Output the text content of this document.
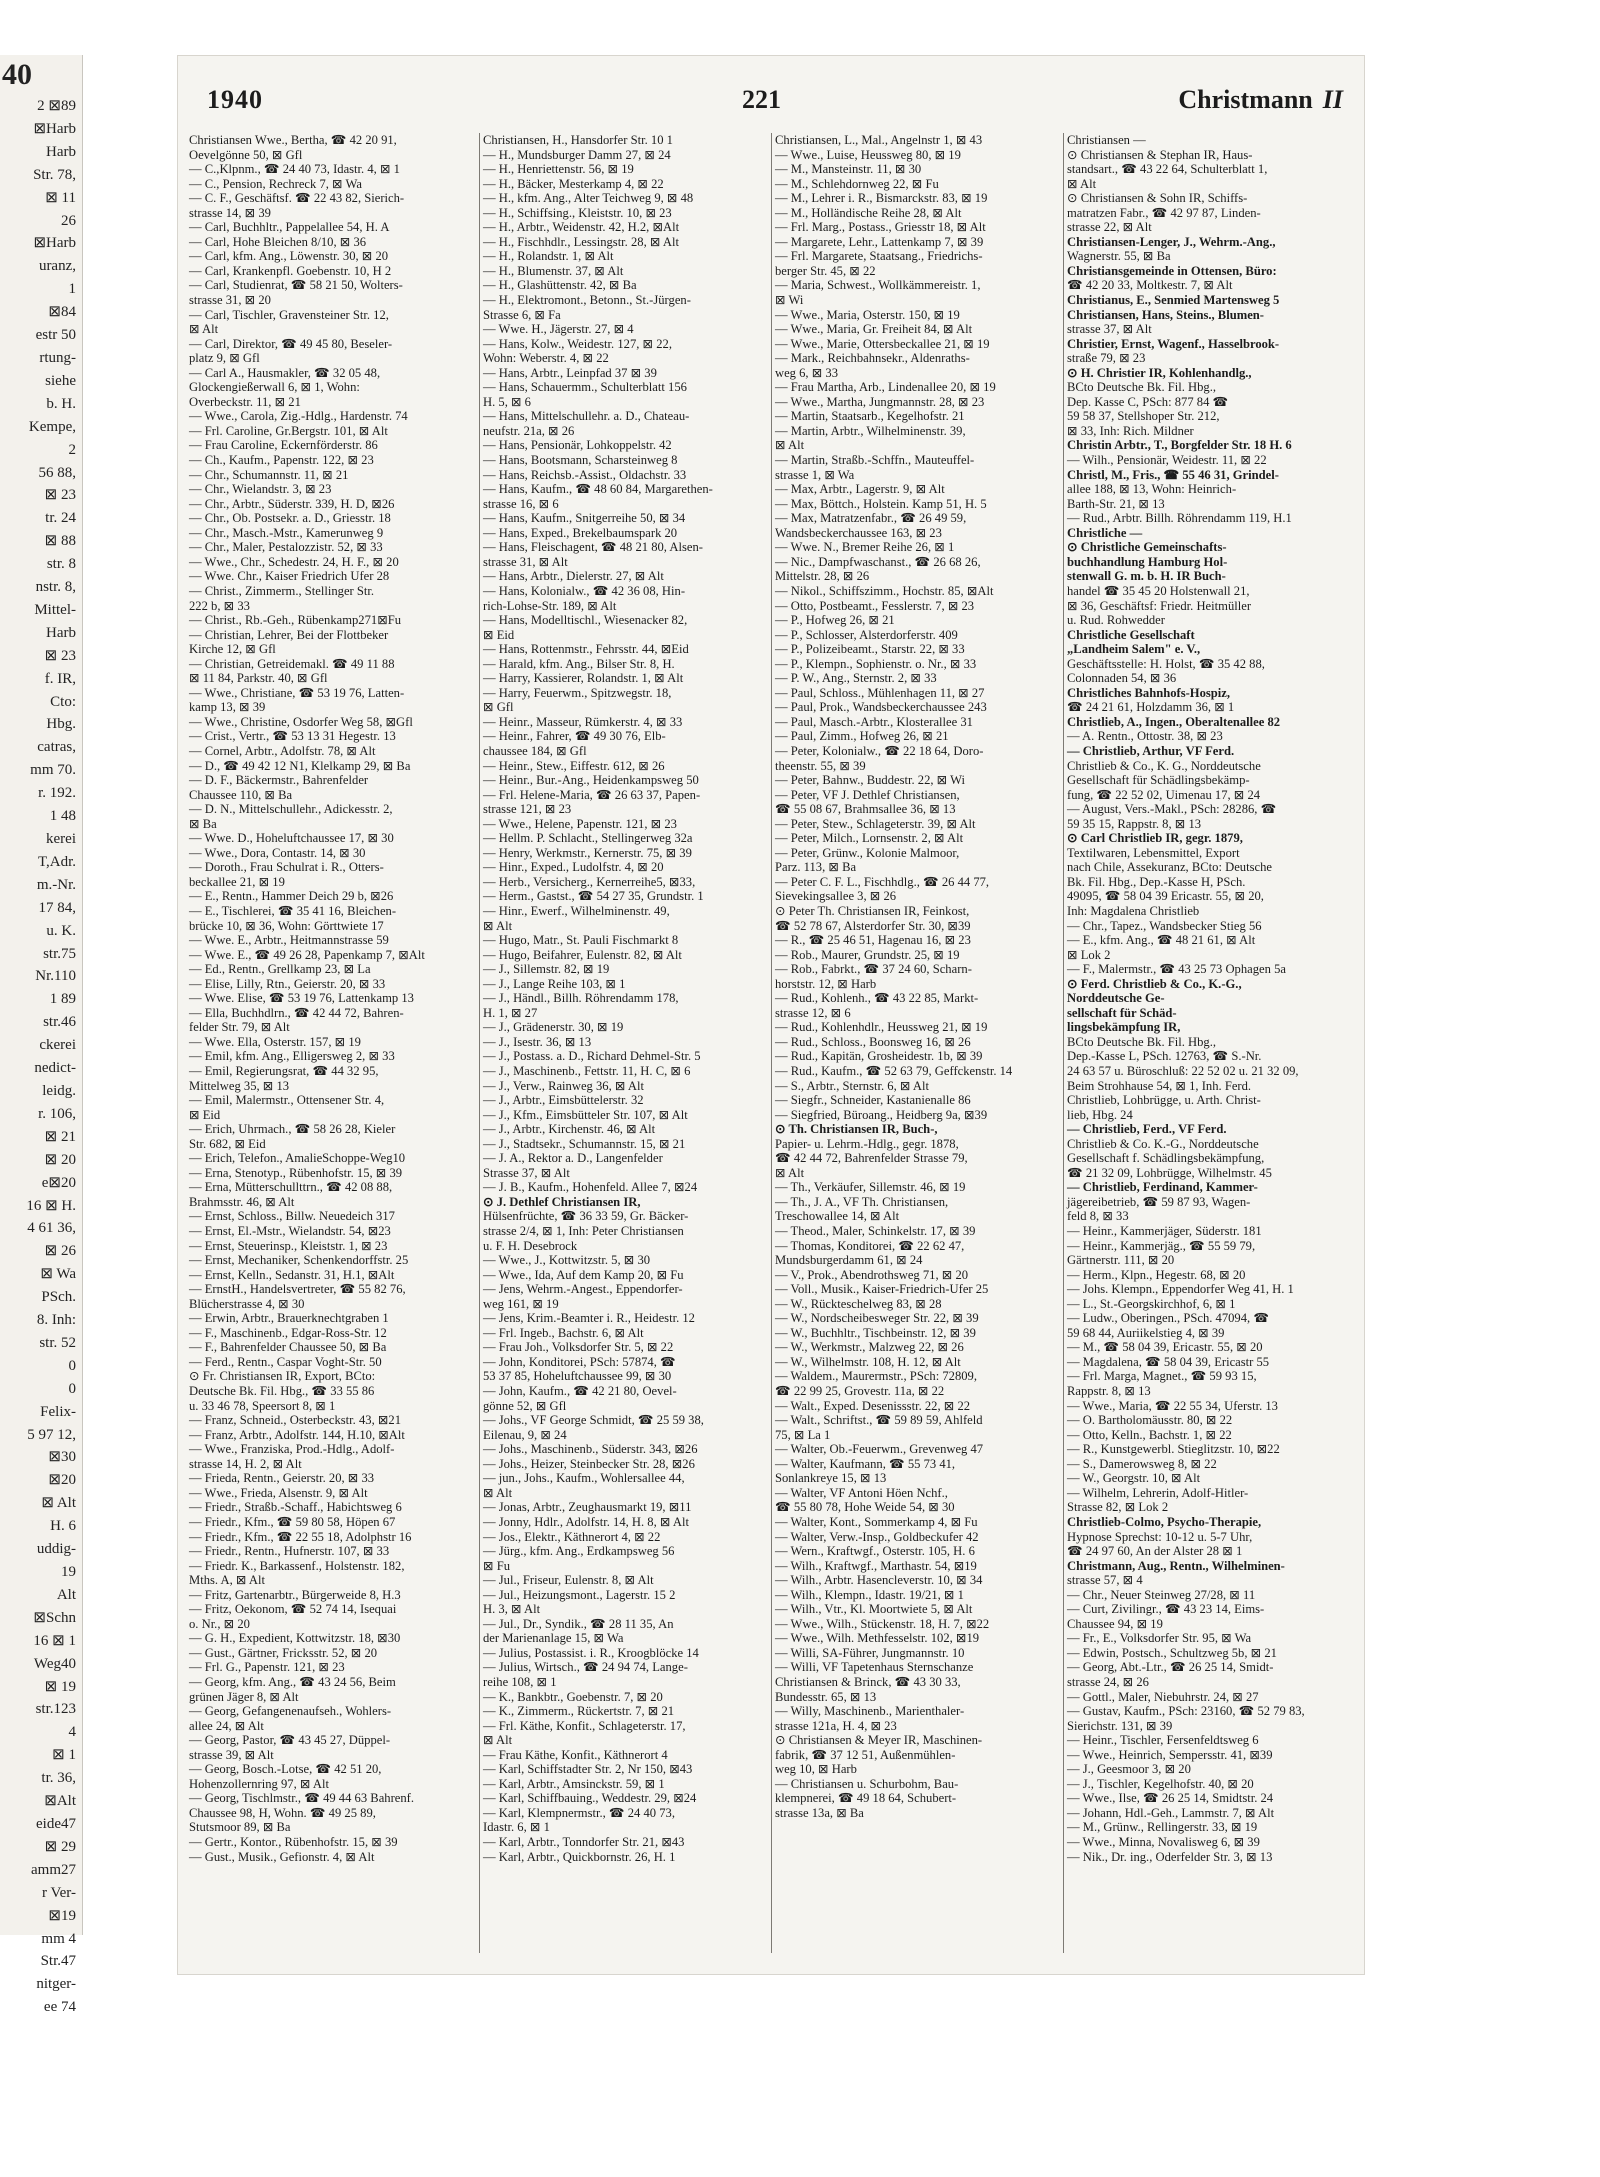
40
2 ⊠89
⊠Harb
Harb
Str. 78,
⊠ 11
26
⊠Harb
uranz,
1
⊠84
estr 50
rtung-
siehe
b. H.
Kempe,
2
56 88,
⊠ 23
tr. 24
⊠ 88
str. 8
nstr. 8,
Mittel-
Harb
⊠ 23
f. IR,
Cto:
Hbg.
catras,
mm 70.
r. 192.
1 48
kerei
T,Adr.
m.-Nr.
17 84,
u. K.
str.75
Nr.110
1 89
str.46
ckerei
nedict-
leidg.
r. 106,
⊠ 21
⊠ 20
e⊠20
16 ⊠ H.
4 61 36,
⊠ 26
⊠ Wa
PSch.
8. Inh:
str. 52
0
0
Felix-
5 97 12,
⊠30
⊠20
⊠ Alt
H. 6
uddig-
19
Alt
⊠Schn
16 ⊠ 1
Weg40
⊠ 19
str.123
4
⊠ 1
tr. 36,
⊠Alt
eide47
⊠ 29
amm27
r Ver-
⊠19
mm 4
Str.47
nitger-
ee 74
1940	221	Christmann II
Christiansen Wwe., Bertha, ☎ 42 20 91,
Oevelgönne 50, ⊠ Gfl
— C.,Klpnm., ☎ 24 40 73, Idastr. 4, ⊠ 1
— C., Pension, Rechreck 7, ⊠ Wa
— C. F., Geschäftsf. ☎ 22 43 82, Sierich-
strasse 14, ⊠ 39
— Carl, Buchhltr., Pappelallee 54, H. A
— Carl, Hohe Bleichen 8/10, ⊠ 36
— Carl, kfm. Ang., Löwenstr. 30, ⊠ 20
— Carl, Krankenpfl. Goebenstr. 10, H 2
— Carl, Studienrat, ☎ 58 21 50, Wolters-
strasse 31, ⊠ 20
— Carl, Tischler, Gravensteiner Str. 12,
⊠ Alt
— Carl, Direktor, ☎ 49 45 80, Beseler-
platz 9, ⊠ Gfl
— Carl A., Hausmakler, ☎ 32 05 48,
Glockengießerwall 6, ⊠ 1, Wohn:
Overbeckstr. 11, ⊠ 21
— Wwe., Carola, Zig.-Hdlg., Hardenstr. 74
— Frl. Caroline, Gr.Bergstr. 101, ⊠ Alt
— Frau Caroline, Eckernförderstr. 86
— Ch., Kaufm., Papenstr. 122, ⊠ 23
— Chr., Schumannstr. 11, ⊠ 21
— Chr., Wielandstr. 3, ⊠ 23
— Chr., Arbtr., Süderstr. 339, H. D, ⊠26
— Chr., Ob. Postsekr. a. D., Griesstr. 18
— Chr., Masch.-Mstr., Kamerunweg 9
— Chr., Maler, Pestalozzistr. 52, ⊠ 33
— Wwe., Chr., Schedestr. 24, H. F., ⊠ 20
— Wwe. Chr., Kaiser Friedrich Ufer 28
— Christ., Zimmerm., Stellinger Str.
222 b, ⊠ 33
— Christ., Rb.-Geh., Rübenkamp271⊠Fu
— Christian, Lehrer, Bei der Flottbeker
Kirche 12, ⊠ Gfl
— Christian, Getreidemakl. ☎ 49 11 88
⊠ 11 84, Parkstr. 40, ⊠ Gfl
— Wwe., Christiane, ☎ 53 19 76, Latten-
kamp 13, ⊠ 39
— Wwe., Christine, Osdorfer Weg 58, ⊠Gfl
— Crist., Vertr., ☎ 53 13 31 Hegestr. 13
— Cornel, Arbtr., Adolfstr. 78, ⊠ Alt
— D., ☎ 49 42 12 N1, Klelkamp 29, ⊠ Ba
— D. F., Bäckermstr., Bahrenfelder
Chaussee 110, ⊠ Ba
— D. N., Mittelschullehr., Adickesstr. 2,
⊠ Ba
— Wwe. D., Hoheluftchaussee 17, ⊠ 30
— Wwe., Dora, Contastr. 14, ⊠ 30
— Doroth., Frau Schulrat i. R., Otters-
beckallee 21, ⊠ 19
— E., Rentn., Hammer Deich 29 b, ⊠26
— E., Tischlerei, ☎ 35 41 16, Bleichen-
brücke 10, ⊠ 36, Wohn: Görttwiete 17
— Wwe. E., Arbtr., Heitmannstrasse 59
— Wwe. E., ☎ 49 26 28, Papenkamp 7, ⊠Alt
— Ed., Rentn., Grellkamp 23, ⊠ La
— Elise, Lilly, Rtn., Geierstr. 20, ⊠ 33
— Wwe. Elise, ☎ 53 19 76, Lattenkamp 13
— Ella, Buchhdlrn., ☎ 42 44 72, Bahren-
felder Str. 79, ⊠ Alt
— Wwe. Ella, Osterstr. 157, ⊠ 19
— Emil, kfm. Ang., Elligersweg 2, ⊠ 33
— Emil, Regierungsrat, ☎ 44 32 95,
Mittelweg 35, ⊠ 13
— Emil, Malermstr., Ottensener Str. 4,
⊠ Eid
— Erich, Uhrmach., ☎ 58 26 28, Kieler
Str. 682, ⊠ Eid
— Erich, Telefon., AmalieSchoppe-Weg10
— Erna, Stenotyp., Rübenhofstr. 15, ⊠ 39
— Erna, Mütterschullttrn., ☎ 42 08 88,
Brahmsstr. 46, ⊠ Alt
— Ernst, Schloss., Billw. Neuedeich 317
— Ernst, El.-Mstr., Wielandstr. 54, ⊠23
— Ernst, Steuerinsp., Kleiststr. 1, ⊠ 23
— Ernst, Mechaniker, Schenkendorffstr. 25
— Ernst, Kelln., Sedanstr. 31, H.1, ⊠Alt
— ErnstH., Handelsvertreter, ☎ 55 82 76,
Blücherstrasse 4, ⊠ 30
— Erwin, Arbtr., Brauerknechtgraben 1
— F., Maschinenb., Edgar-Ross-Str. 12
— F., Bahrenfelder Chaussee 50, ⊠ Ba
— Ferd., Rentn., Caspar Voght-Str. 50
⊙ Fr. Christiansen IR, Export, BCto:
Deutsche Bk. Fil. Hbg., ☎ 33 55 86
u. 33 46 78, Speersort 8, ⊠ 1
— Franz, Schneid., Osterbeckstr. 43, ⊠21
— Franz, Arbtr., Adolfstr. 144, H.10, ⊠Alt
— Wwe., Franziska, Prod.-Hdlg., Adolf-
strasse 14, H. 2, ⊠ Alt
— Frieda, Rentn., Geierstr. 20, ⊠ 33
— Wwe., Frieda, Alsenstr. 9, ⊠ Alt
— Friedr., Straßb.-Schaff., Habichtsweg 6
— Friedr., Kfm., ☎ 59 80 58, Höpen 67
— Friedr., Kfm., ☎ 22 55 18, Adolphstr 16
— Friedr., Rentn., Hufnerstr. 107, ⊠ 33
— Friedr. K., Barkassenf., Holstenstr. 182,
Mths. A, ⊠ Alt
— Fritz, Gartenarbtr., Bürgerweide 8, H.3
— Fritz, Oekonom, ☎ 52 74 14, Isequai
o. Nr., ⊠ 20
— G. H., Expedient, Kottwitzstr. 18, ⊠30
— Gust., Gärtner, Fricksstr. 52, ⊠ 20
— Frl. G., Papenstr. 121, ⊠ 23
— Georg, kfm. Ang., ☎ 43 24 56, Beim
grünen Jäger 8, ⊠ Alt
— Georg, Gefangenenaufseh., Wohlers-
allee 24, ⊠ Alt
— Georg, Pastor, ☎ 43 45 27, Düppel-
strasse 39, ⊠ Alt
— Georg, Bosch.-Lotse, ☎ 42 51 20,
Hohenzollernring 97, ⊠ Alt
— Georg, Tischlmstr., ☎ 49 44 63 Bahrenf.
Chaussee 98, H, Wohn. ☎ 49 25 89,
Stutsmoor 89, ⊠ Ba
— Gertr., Kontor., Rübenhofstr. 15, ⊠ 39
— Gust., Musik., Gefionstr. 4, ⊠ Alt
Christiansen, H., Hansdorfer Str. 10 1
— H., Mundsburger Damm 27, ⊠ 24
— H., Henriettenstr. 56, ⊠ 19
— H., Bäcker, Mesterkamp 4, ⊠ 22
— H., kfm. Ang., Alter Teichweg 9, ⊠ 48
— H., Schiffsing., Kleiststr. 10, ⊠ 23
— H., Arbtr., Weidenstr. 42, H.2, ⊠Alt
— H., Fischhdlr., Lessingstr. 28, ⊠ Alt
— H., Rolandstr. 1, ⊠ Alt
— H., Blumenstr. 37, ⊠ Alt
— H., Glashüttenstr. 42, ⊠ Ba
— H., Elektromont., Betonn., St.-Jürgen-
Strasse 6, ⊠ Fa
— Wwe. H., Jägerstr. 27, ⊠ 4
— Hans, Kolw., Weidestr. 127, ⊠ 22,
Wohn: Weberstr. 4, ⊠ 22
— Hans, Arbtr., Leinpfad 37 ⊠ 39
— Hans, Schauermm., Schulterblatt 156
H. 5, ⊠ 6
— Hans, Mittelschullehr. a. D., Chateau-
neufstr. 21a, ⊠ 26
— Hans, Pensionär, Lohkoppelstr. 42
— Hans, Bootsmann, Scharsteinweg 8
— Hans, Reichsb.-Assist., Oldachstr. 33
— Hans, Kaufm., ☎ 48 60 84, Margarethen-
strasse 16, ⊠ 6
— Hans, Kaufm., Snitgerreihe 50, ⊠ 34
— Hans, Exped., Brekelbaumspark 20
— Hans, Fleischagent, ☎ 48 21 80, Alsen-
strasse 31, ⊠ Alt
— Hans, Arbtr., Dielerstr. 27, ⊠ Alt
— Hans, Kolonialw., ☎ 42 36 08, Hin-
rich-Lohse-Str. 189, ⊠ Alt
— Hans, Modelltischl., Wiesenacker 82,
⊠ Eid
— Hans, Rottenmstr., Fehrsstr. 44, ⊠Eid
— Harald, kfm. Ang., Bilser Str. 8, H.
— Harry, Kassierer, Rolandstr. 1, ⊠ Alt
— Harry, Feuerwm., Spitzwegstr. 18,
⊠ Gfl
— Heinr., Masseur, Rümkerstr. 4, ⊠ 33
— Heinr., Fahrer, ☎ 49 30 76, Elb-
chaussee 184, ⊠ Gfl
— Heinr., Stew., Eiffestr. 612, ⊠ 26
— Heinr., Bur.-Ang., Heidenkampsweg 50
— Frl. Helene-Maria, ☎ 26 63 37, Papen-
strasse 121, ⊠ 23
— Wwe., Helene, Papenstr. 121, ⊠ 23
— Hellm. P. Schlacht., Stellingerweg 32a
— Henry, Werkmstr., Kernerstr. 75, ⊠ 39
— Hinr., Exped., Ludolfstr. 4, ⊠ 20
— Herb., Versicherg., Kernerreihe5, ⊠33,
— Herm., Gastst., ☎ 54 27 35, Grundstr. 1
— Hinr., Ewerf., Wilhelminenstr. 49,
⊠ Alt
— Hugo, Matr., St. Pauli Fischmarkt 8
— Hugo, Beifahrer, Eulenstr. 82, ⊠ Alt
— J., Sillemstr. 82, ⊠ 19
— J., Lange Reihe 103, ⊠ 1
— J., Händl., Billh. Röhrendamm 178,
H. 1, ⊠ 27
— J., Grädenerstr. 30, ⊠ 19
— J., Isestr. 36, ⊠ 13
— J., Postass. a. D., Richard Dehmel-Str. 5
— J., Maschinenb., Fettstr. 11, H. C, ⊠ 6
— J., Verw., Rainweg 36, ⊠ Alt
— J., Arbtr., Eimsbüttelerstr. 32
— J., Kfm., Eimsbütteler Str. 107, ⊠ Alt
— J., Arbtr., Kirchenstr. 46, ⊠ Alt
— J., Stadtsekr., Schumannstr. 15, ⊠ 21
— J. A., Rektor a. D., Langenfelder
Strasse 37, ⊠ Alt
— J. B., Kaufm., Hohenfeld. Allee 7, ⊠24
⊙ J. Dethlef Christiansen IR,
Hülsenfrüchte, ☎ 36 33 59, Gr. Bäcker-
strasse 2/4, ⊠ 1, Inh: Peter Christiansen
u. F. H. Desebrock
— Wwe., J., Kottwitzstr. 5, ⊠ 30
— Wwe., Ida, Auf dem Kamp 20, ⊠ Fu
— Jens, Wehrm.-Angest., Eppendorfer-
weg 161, ⊠ 19
— Jens, Krim.-Beamter i. R., Heidestr. 12
— Frl. Ingeb., Bachstr. 6, ⊠ Alt
— Frau Joh., Volksdorfer Str. 5, ⊠ 22
— John, Konditorei, PSch: 57874, ☎
53 37 85, Hoheluftchaussee 99, ⊠ 30
— John, Kaufm., ☎ 42 21 80, Oevel-
gönne 52, ⊠ Gfl
— Johs., VF George Schmidt, ☎ 25 59 38,
Eilenau, 9, ⊠ 24
— Johs., Maschinenb., Süderstr. 343, ⊠26
— Johs., Heizer, Steinbecker Str. 28, ⊠26
— jun., Johs., Kaufm., Wohlersallee 44,
⊠ Alt
— Jonas, Arbtr., Zeughausmarkt 19, ⊠11
— Jonny, Hdlr., Adolfstr. 14, H. 8, ⊠ Alt
— Jos., Elektr., Käthnerort 4, ⊠ 22
— Jürg., kfm. Ang., Erdkampsweg 56
⊠ Fu
— Jul., Friseur, Eulenstr. 8, ⊠ Alt
— Jul., Heizungsmont., Lagerstr. 15 2
H. 3, ⊠ Alt
— Jul., Dr., Syndik., ☎ 28 11 35, An
der Marienanlage 15, ⊠ Wa
— Julius, Postassist. i. R., Kroogblöcke 14
— Julius, Wirtsch., ☎ 24 94 74, Lange-
reihe 108, ⊠ 1
— K., Bankbtr., Goebenstr. 7, ⊠ 20
— K., Zimmerm., Rückertstr. 7, ⊠ 21
— Frl. Käthe, Konfit., Schlageterstr. 17,
⊠ Alt
— Frau Käthe, Konfit., Käthnerort 4
— Karl, Schiffstadter Str. 2, Nr 150, ⊠43
— Karl, Arbtr., Amsinckstr. 59, ⊠ 1
— Karl, Schiffbauing., Weddestr. 29, ⊠24
— Karl, Klempnermstr., ☎ 24 40 73,
Idastr. 6, ⊠ 1
— Karl, Arbtr., Tonndorfer Str. 21, ⊠43
— Karl, Arbtr., Quickbornstr. 26, H. 1
Christiansen, L., Mal., Angelnstr 1, ⊠ 43
— Wwe., Luise, Heussweg 80, ⊠ 19
— M., Mansteinstr. 11, ⊠ 30
— M., Schlehdornweg 22, ⊠ Fu
— M., Lehrer i. R., Bismarckstr. 83, ⊠ 19
— M., Holländische Reihe 28, ⊠ Alt
— Frl. Marg., Postass., Griesstr 18, ⊠ Alt
— Margarete, Lehr., Lattenkamp 7, ⊠ 39
— Frl. Margarete, Staatsang., Friedrichs-
berger Str. 45, ⊠ 22
— Maria, Schwest., Wollkämmereistr. 1,
⊠ Wi
— Wwe., Maria, Osterstr. 150, ⊠ 19
— Wwe., Maria, Gr. Freiheit 84, ⊠ Alt
— Wwe., Marie, Ottersbeckallee 21, ⊠ 19
— Mark., Reichbahnsekr., Aldenraths-
weg 6, ⊠ 33
— Frau Martha, Arb., Lindenallee 20, ⊠ 19
— Wwe., Martha, Jungmannstr. 28, ⊠ 23
— Martin, Staatsarb., Kegelhofstr. 21
— Martin, Arbtr., Wilhelminenstr. 39,
⊠ Alt
— Martin, Straßb.-Schffn., Mauteuffel-
strasse 1, ⊠ Wa
— Max, Arbtr., Lagerstr. 9, ⊠ Alt
— Max, Böttch., Holstein. Kamp 51, H. 5
— Max, Matratzenfabr., ☎ 26 49 59,
Wandsbeckerchaussee 163, ⊠ 23
— Wwe. N., Bremer Reihe 26, ⊠ 1
— Nic., Dampfwaschanst., ☎ 26 68 26,
Mittelstr. 28, ⊠ 26
— Nikol., Schiffszimm., Hochstr. 85, ⊠Alt
— Otto, Postbeamt., Fesslerstr. 7, ⊠ 23
— P., Hofweg 26, ⊠ 21
— P., Schlosser, Alsterdorferstr. 409
— P., Polizeibeamt., Starstr. 22, ⊠ 33
— P., Klempn., Sophienstr. o. Nr., ⊠ 33
— P. W., Ang., Sternstr. 2, ⊠ 33
— Paul, Schloss., Mühlenhagen 11, ⊠ 27
— Paul, Prok., Wandsbeckerchaussee 243
— Paul, Masch.-Arbtr., Klosterallee 31
— Paul, Zimm., Hofweg 26, ⊠ 21
— Peter, Kolonialw., ☎ 22 18 64, Doro-
theenstr. 55, ⊠ 39
— Peter, Bahnw., Buddestr. 22, ⊠ Wi
— Peter, VF J. Dethlef Christiansen,
☎ 55 08 67, Brahmsallee 36, ⊠ 13
— Peter, Stew., Schlageterstr. 39, ⊠ Alt
— Peter, Milch., Lornsenstr. 2, ⊠ Alt
— Peter, Grünw., Kolonie Malmoor,
Parz. 113, ⊠ Ba
— Peter C. F. L., Fischhdlg., ☎ 26 44 77,
Sievekingsallee 3, ⊠ 26
⊙ Peter Th. Christiansen IR, Feinkost,
☎ 52 78 67, Alsterdorfer Str. 30, ⊠39
— R., ☎ 25 46 51, Hagenau 16, ⊠ 23
— Rob., Maurer, Grundstr. 25, ⊠ 19
— Rob., Fabrkt., ☎ 37 24 60, Scharn-
horststr. 12, ⊠ Harb
— Rud., Kohlenh., ☎ 43 22 85, Markt-
strasse 12, ⊠ 6
— Rud., Kohlenhdlr., Heussweg 21, ⊠ 19
— Rud., Schloss., Boonsweg 16, ⊠ 26
— Rud., Kapitän, Grosheidestr. 1b, ⊠ 39
— Rud., Kaufm., ☎ 52 63 79, Geffckenstr. 14
— S., Arbtr., Sternstr. 6, ⊠ Alt
— Siegfr., Schneider, Kastanienalle 86
— Siegfried, Büroang., Heidberg 9a, ⊠39
⊙ Th. Christiansen IR, Buch-,
Papier- u. Lehrm.-Hdlg., gegr. 1878,
☎ 42 44 72, Bahrenfelder Strasse 79,
⊠ Alt
— Th., Verkäufer, Sillemstr. 46, ⊠ 19
— Th., J. A., VF Th. Christiansen,
Treschowallee 14, ⊠ Alt
— Theod., Maler, Schinkelstr. 17, ⊠ 39
— Thomas, Konditorei, ☎ 22 62 47,
Mundsburgerdamm 61, ⊠ 24
— V., Prok., Abendrothsweg 71, ⊠ 20
— Voll., Musik., Kaiser-Friedrich-Ufer 25
— W., Rückteschelweg 83, ⊠ 28
— W., Nordscheibesweger Str. 22, ⊠ 39
— W., Buchhltr., Tischbeinstr. 12, ⊠ 39
— W., Werkmstr., Malzweg 22, ⊠ 26
— W., Wilhelmstr. 108, H. 12, ⊠ Alt
— Waldem., Maurermstr., PSch: 72809,
☎ 22 99 25, Grovestr. 11a, ⊠ 22
— Walt., Exped. Desenissstr. 22, ⊠ 22
— Walt., Schriftst., ☎ 59 89 59, Ahlfeld
75, ⊠ La 1
— Walter, Ob.-Feuerwm., Grevenweg 47
— Walter, Kaufmann, ☎ 55 73 41,
Sonlankreye 15, ⊠ 13
— Walter, VF Antoni Höen Nchf.,
☎ 55 80 78, Hohe Weide 54, ⊠ 30
— Walter, Kont., Sommerkamp 4, ⊠ Fu
— Walter, Verw.-Insp., Goldbeckufer 42
— Wern., Kraftwgf., Osterstr. 105, H. 6
— Wilh., Kraftwgf., Marthastr. 54, ⊠19
— Wilh., Arbtr. Hasencleverstr. 10, ⊠ 34
— Wilh., Klempn., Idastr. 19/21, ⊠ 1
— Wilh., Vtr., Kl. Moortwiete 5, ⊠ Alt
— Wwe., Wilh., Stückenstr. 18, H. 7, ⊠22
— Wwe., Wilh. Methfesselstr. 102, ⊠19
— Willi, SA-Führer, Jungmannstr. 10
— Willi, VF Tapetenhaus Sternschanze
Christiansen & Brinck, ☎ 43 30 33,
Bundesstr. 65, ⊠ 13
— Willy, Maschinenb., Marienthaler-
strasse 121a, H. 4, ⊠ 23
⊙ Christiansen & Meyer IR, Maschinen-
fabrik, ☎ 37 12 51, Außenmühlen-
weg 10, ⊠ Harb
— Christiansen u. Schurbohm, Bau-
klempnerei, ☎ 49 18 64, Schubert-
strasse 13a, ⊠ Ba
Christiansen —
⊙ Christiansen & Stephan IR, Haus-
standsart., ☎ 43 22 64, Schulterblatt 1,
⊠ Alt
⊙ Christiansen & Sohn IR, Schiffs-
matratzen Fabr., ☎ 42 97 87, Linden-
strasse 22, ⊠ Alt
Christiansen-Lenger, J., Wehrm.-Ang.,
Wagnerstr. 55, ⊠ Ba
Christiansgemeinde in Ottensen, Büro:
☎ 42 20 33, Moltkestr. 7, ⊠ Alt
Christianus, E., Senmied Martensweg 5
Christiansen, Hans, Steins., Blumen-
strasse 37, ⊠ Alt
Christier, Ernst, Wagenf., Hasselbrook-
straße 79, ⊠ 23
⊙ H. Christier IR, Kohlenhandlg.,
BCto Deutsche Bk. Fil. Hbg.,
Dep. Kasse C, PSch: 877 84 ☎
59 58 37, Stellshoper Str. 212,
⊠ 33, Inh: Rich. Mildner
Christin Arbtr., T., Borgfelder Str. 18 H. 6
— Wilh., Pensionär, Weidestr. 11, ⊠ 22
Christl, M., Fris., ☎ 55 46 31, Grindel-
allee 188, ⊠ 13, Wohn: Heinrich-
Barth-Str. 21, ⊠ 13
— Rud., Arbtr. Billh. Röhrendamm 119, H.1
Christliche —
⊙ Christliche Gemeinschafts-
buchhandlung Hamburg Hol-
stenwall G. m. b. H. IR Buch-
handel ☎ 35 45 20 Holstenwall 21,
⊠ 36, Geschäftsf: Friedr. Heitmüller
u. Rud. Rohwedder
Christliche Gesellschaft
„Landheim Salem" e. V.,
Geschäftsstelle: H. Holst, ☎ 35 42 88,
Colonnaden 54, ⊠ 36
Christliches Bahnhofs-Hospiz,
☎ 24 21 61, Holzdamm 36, ⊠ 1
Christlieb, A., Ingen., Oberaltenallee 82
— A. Rentn., Ottostr. 38, ⊠ 23
— Christlieb, Arthur, VF Ferd.
Christlieb & Co., K. G., Norddeutsche
Gesellschaft für Schädlingsbekämp-
fung, ☎ 22 52 02, Uimenau 17, ⊠ 24
— August, Vers.-Makl., PSch: 28286, ☎
59 35 15, Rappstr. 8, ⊠ 13
⊙ Carl Christlieb IR, gegr. 1879,
Textilwaren, Lebensmittel, Export
nach Chile, Assekuranz, BCto: Deutsche
Bk. Fil. Hbg., Dep.-Kasse H, PSch.
49095, ☎ 58 04 39 Ericastr. 55, ⊠ 20,
Inh: Magdalena Christlieb
— Chr., Tapez., Wandsbecker Stieg 56
— E., kfm. Ang., ☎ 48 21 61, ⊠ Alt
⊠ Lok 2
— F., Malermstr., ☎ 43 25 73 Ophagen 5a
⊙ Ferd. Christlieb & Co., K.-G.,
Norddeutsche Ge-
sellschaft für Schäd-
lingsbekämpfung IR,
BCto Deutsche Bk. Fil. Hbg.,
Dep.-Kasse L, PSch. 12763, ☎ S.-Nr.
24 63 57 u. Büroschluß: 22 52 02 u. 21 32 09,
Beim Strohhause 54, ⊠ 1, Inh. Ferd.
Christlieb, Lohbrügge, u. Arth. Christ-
lieb, Hbg. 24
— Christlieb, Ferd., VF Ferd.
Christlieb & Co. K.-G., Norddeutsche
Gesellschaft f. Schädlingsbekämpfung,
☎ 21 32 09, Lohbrügge, Wilhelmstr. 45
— Christlieb, Ferdinand, Kammer-
jägereibetrieb, ☎ 59 87 93, Wagen-
feld 8, ⊠ 33
— Heinr., Kammerjäger, Süderstr. 181
— Heinr., Kammerjäg., ☎ 55 59 79,
Gärtnerstr. 111, ⊠ 20
— Herm., Klpn., Hegestr. 68, ⊠ 20
— Johs. Klempn., Eppendorfer Weg 41, H. 1
— L., St.-Georgskirchhof, 6, ⊠ 1
— Ludw., Oberingen., PSch. 47094, ☎
59 68 44, Auriikelstieg 4, ⊠ 39
— M., ☎ 58 04 39, Ericastr. 55, ⊠ 20
— Magdalena, ☎ 58 04 39, Ericastr 55
— Frl. Marga, Magnet., ☎ 59 93 15,
Rappstr. 8, ⊠ 13
— Wwe., Maria, ☎ 22 55 34, Uferstr. 13
— O. Bartholomäusstr. 80, ⊠ 22
— Otto, Kelln., Bachstr. 1, ⊠ 22
— R., Kunstgewerbl. Stieglitzstr. 10, ⊠22
— S., Damerowsweg 8, ⊠ 22
— W., Georgstr. 10, ⊠ Alt
— Wilhelm, Lehrerin, Adolf-Hitler-
Strasse 82, ⊠ Lok 2
Christlieb-Colmo, Psycho-Therapie,
Hypnose Sprechst: 10-12 u. 5-7 Uhr,
☎ 24 97 60, An der Alster 28 ⊠ 1
Christmann, Aug., Rentn., Wilhelminen-
strasse 57, ⊠ 4
— Chr., Neuer Steinweg 27/28, ⊠ 11
— Curt, Zivilingr., ☎ 43 23 14, Eims-
Chaussee 94, ⊠ 19
— Fr., E., Volksdorfer Str. 95, ⊠ Wa
— Edwin, Postsch., Schultzweg 5b, ⊠ 21
— Georg, Abt.-Ltr., ☎ 26 25 14, Smidt-
strasse 24, ⊠ 26
— Gottl., Maler, Niebuhrstr. 24, ⊠ 27
— Gustav, Kaufm., PSch: 23160, ☎ 52 79 83,
Sierichstr. 131, ⊠ 39
— Heinr., Tischler, Fersenfeldtsweg 6
— Wwe., Heinrich, Sempersstr. 41, ⊠39
— J., Geesmoor 3, ⊠ 20
— J., Tischler, Kegelhofstr. 40, ⊠ 20
— Wwe., Ilse, ☎ 26 25 14, Smidtstr. 24
— Johann, Hdl.-Geh., Lammstr. 7, ⊠ Alt
— M., Grünw., Rellingerstr. 33, ⊠ 19
— Wwe., Minna, Novalisweg 6, ⊠ 39
— Nik., Dr. ing., Oderfelder Str. 3, ⊠ 13
